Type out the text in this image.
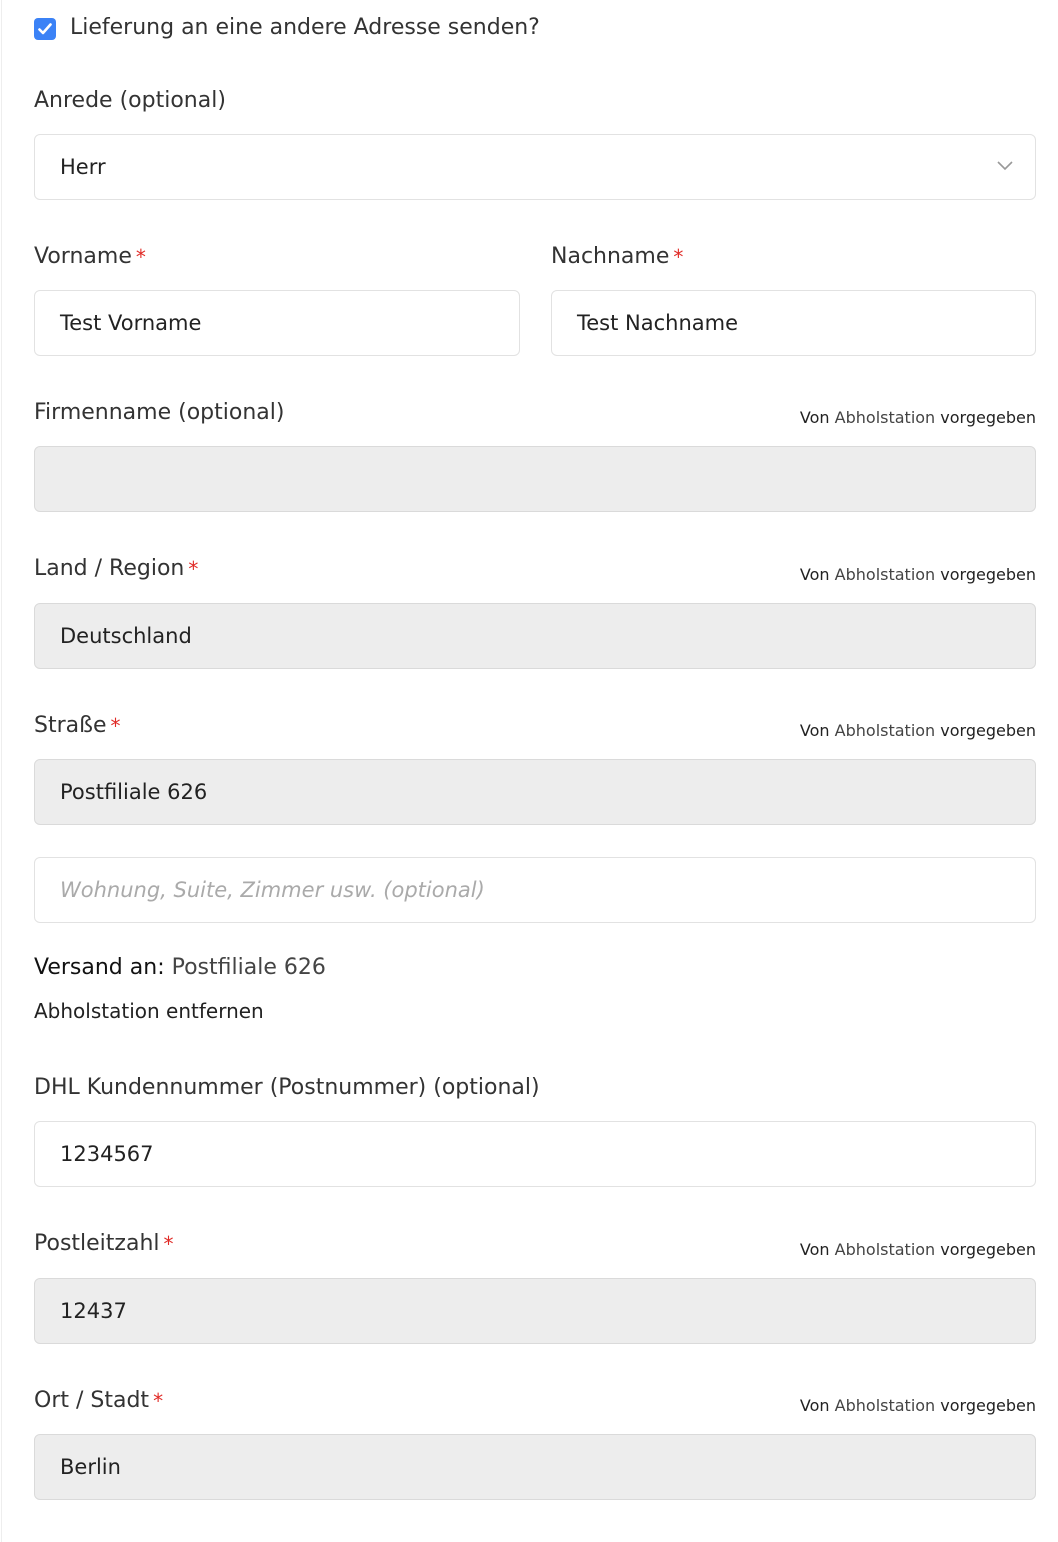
Lieferung an eine andere Adresse senden?
Anrede (optional)
Herr
Vorname *
Test Vorname
Nachname *
Test Nachname
Firmenname (optional)	Von Abholstation vorgegeben
Land / Region *	Von Abholstation vorgegeben
Deutschland
Straße *	Von Abholstation vorgegeben
Postfiliale 626
Wohnung, Suite, Zimmer usw. (optional)
Versand an: Postfiliale 626
Abholstation entfernen
DHL Kundennummer (Postnummer) (optional)
1234567
Postleitzahl *	Von Abholstation vorgegeben
12437
Ort / Stadt *	Von Abholstation vorgegeben
Berlin
